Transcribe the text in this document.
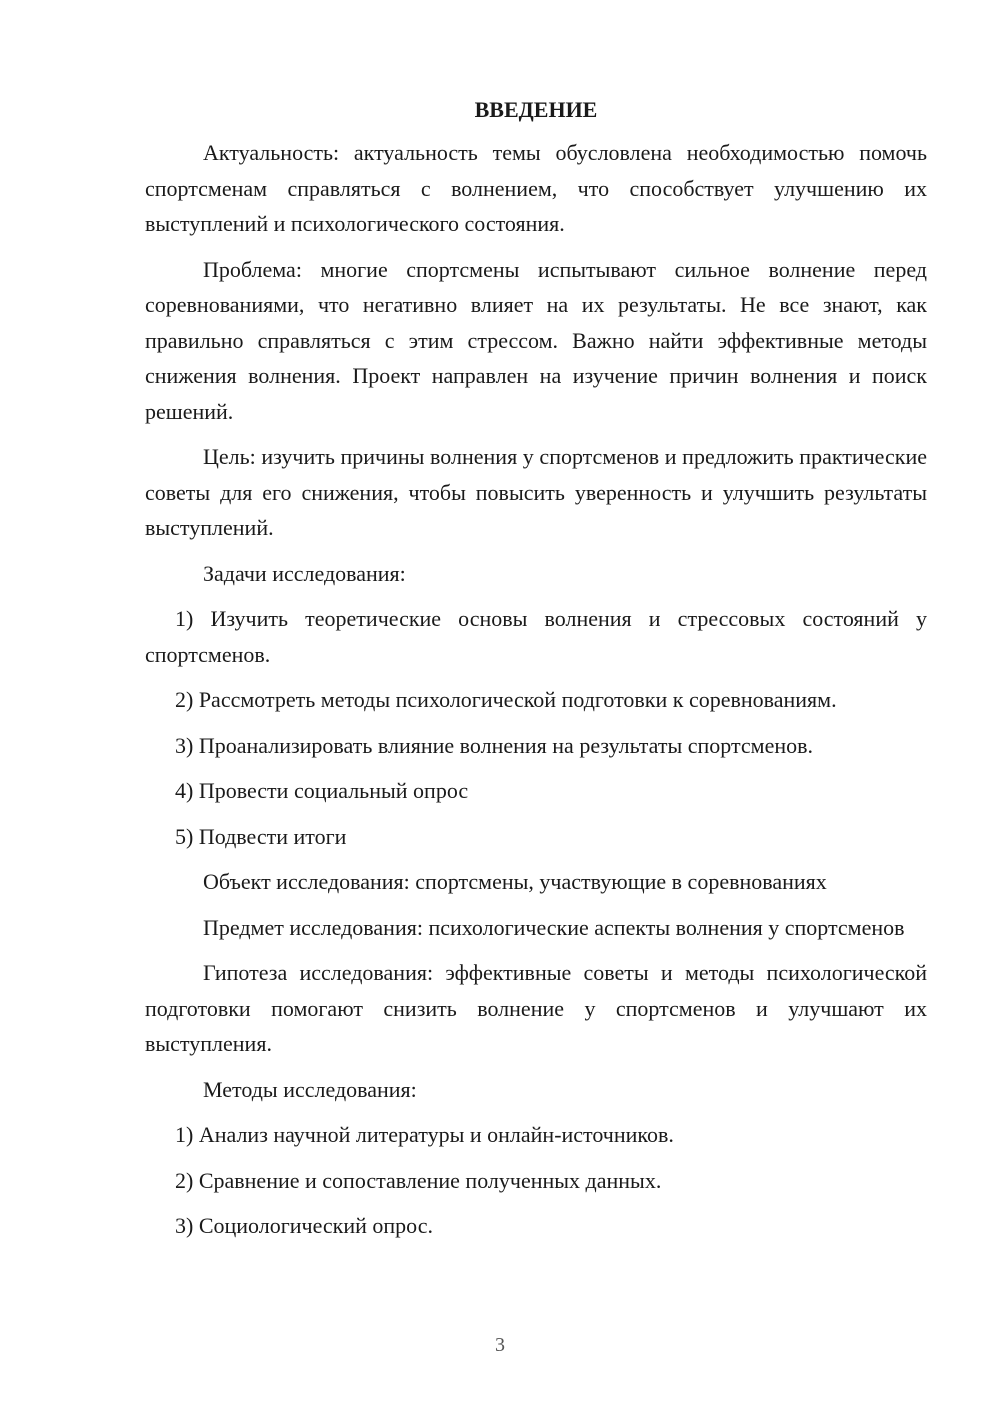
ВВЕДЕНИЕ
Актуальность: актуальность темы обусловлена необходимостью помочь спортсменам справляться с волнением, что способствует улучшению их выступлений и психологического состояния.
Проблема: многие спортсмены испытывают сильное волнение перед соревнованиями, что негативно влияет на их результаты. Не все знают, как правильно справляться с этим стрессом. Важно найти эффективные методы снижения волнения. Проект направлен на изучение причин волнения и поиск решений.
Цель: изучить причины волнения у спортсменов и предложить практические советы для его снижения, чтобы повысить уверенность и улучшить результаты выступлений.
Задачи исследования:
1) Изучить теоретические основы волнения и стрессовых состояний у спортсменов.
2) Рассмотреть методы психологической подготовки к соревнованиям.
3) Проанализировать влияние волнения на результаты спортсменов.
4) Провести социальный опрос
5) Подвести итоги
Объект исследования: спортсмены, участвующие в соревнованиях
Предмет исследования: психологические аспекты волнения у спортсменов
Гипотеза исследования: эффективные советы и методы психологической подготовки помогают снизить волнение у спортсменов и улучшают их выступления.
Методы исследования:
1) Анализ научной литературы и онлайн-источников.
2) Сравнение и сопоставление полученных данных.
3) Социологический опрос.
3
